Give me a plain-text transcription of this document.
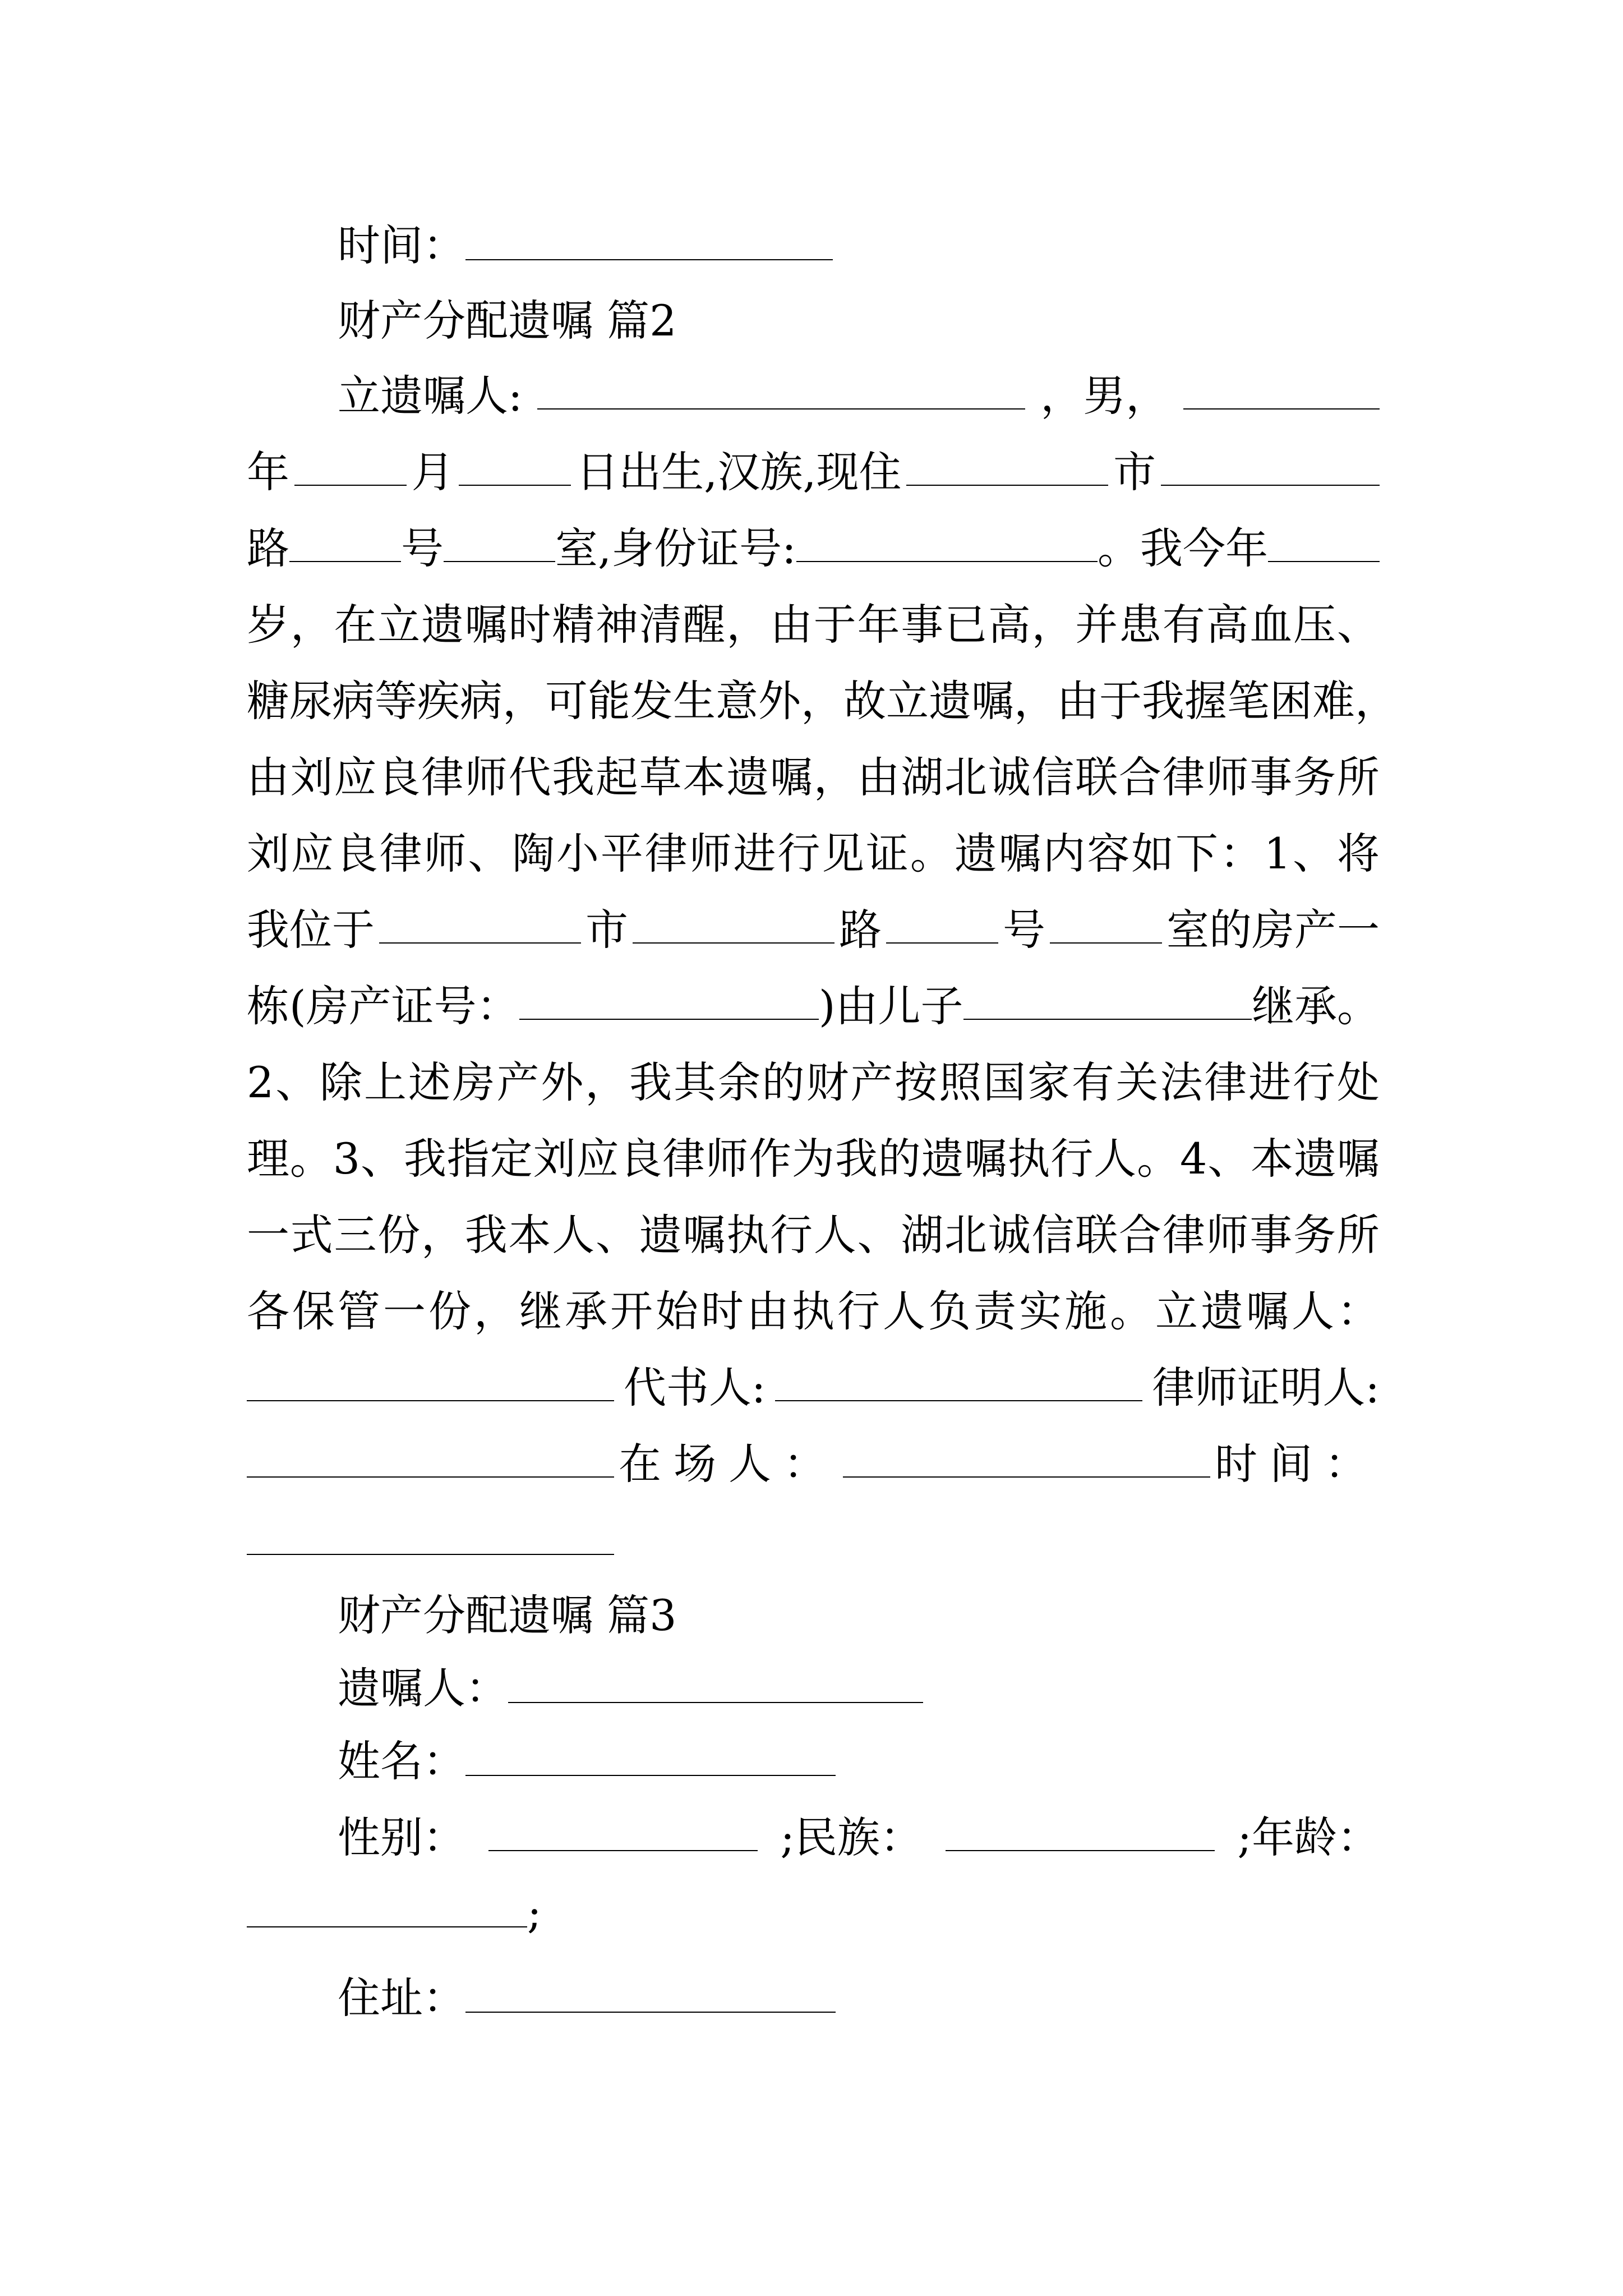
时间：
财产分配遗嘱 篇2
立遗嘱人:	，男，
年	月	日出生,汉族,现住	市
路	号	室,身份证号:	。我今年
岁 ， 在 立 遗 嘱 时 精 神 清 醒 ， 由 于 年 事 已 高 ， 并 患 有 高 血 压 、
糖 尿 病 等 疾 病 ， 可 能 发 生 意 外 ， 故 立 遗 嘱 ， 由 于 我 握 笔 困 难 ，
由 刘 应 良 律 师 代 我 起 草 本 遗 嘱 ， 由 湖 北 诚 信 联 合 律 师 事 务 所
刘 应 良 律 师 、 陶 小 平 律 师 进 行 见 证 。 遗 嘱 内 容 如 下 ： 1 、 将
我位于	市	路	号	室的房产一
栋(房产证号：	)由儿子	继承。
2 、 除 上 述 房 产 外 ， 我 其 余 的 财 产 按 照 国 家 有 关 法 律 进 行 处
理 。 3 、 我 指 定 刘 应 良 律 师 作 为 我 的 遗 嘱 执 行 人 。 4 、 本 遗 嘱
一 式 三 份 ， 我 本 人 、 遗 嘱 执 行 人 、 湖 北 诚 信 联 合 律 师 事 务 所
各 保 管 一 份 ， 继 承 开 始 时 由 执 行 人 负 责 实 施 。 立 遗 嘱 人 ：
代书人:	律师证明人:
在场人：	时间：
财产分配遗嘱 篇3
遗嘱人：
姓名：
性别：	;民族：	;年龄：
;
住址：
